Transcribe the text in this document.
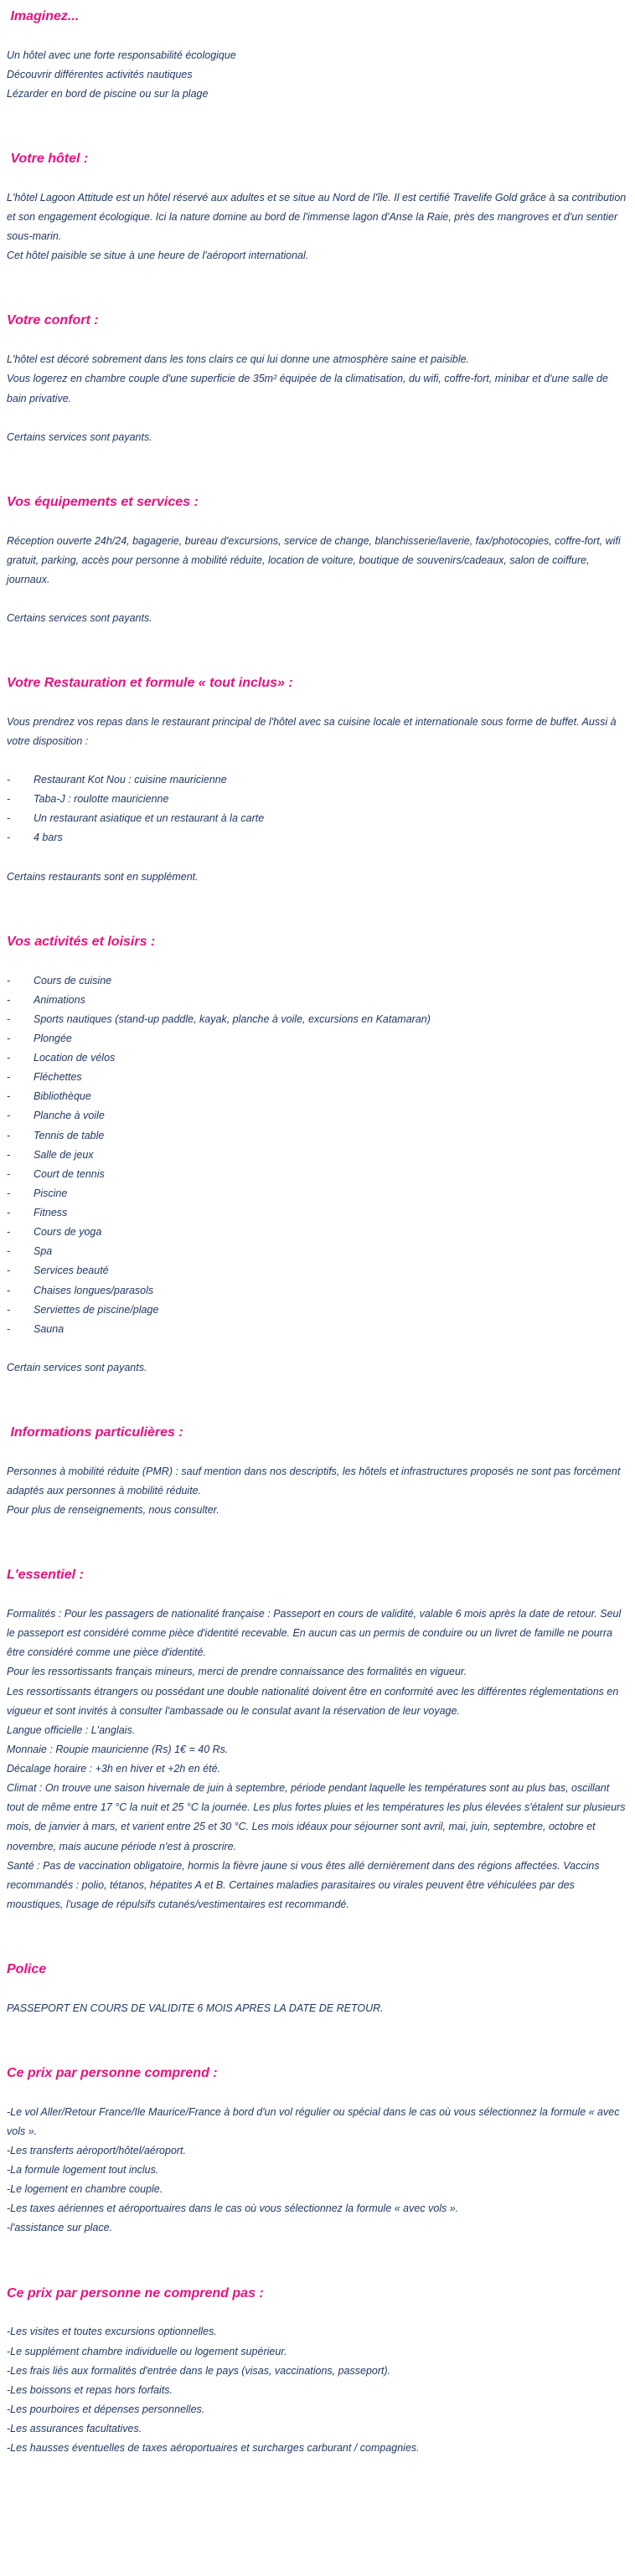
Imaginez...

Un hôtel avec une forte responsabilité écologique

Découvrir différentes activités nautiques

Lézarder en bord de piscine ou sur la plage

Votre hôtel :

L'hôtel Lagoon Attitude est un hôtel réservé aux adultes et se situe au Nord de l'île. Il est certifié Travelife Gold grâce à sa contribution et son engagement écologique. Ici la nature domine au bord de l'immense lagon d'Anse la Raie, près des mangroves et d'un sentier sous-marin.

Cet hôtel paisible se situe à une heure de l'aéroport international.

Votre confort :

L'hôtel est décoré sobrement dans les tons clairs ce qui lui donne une atmosphère saine et paisible.

Vous logerez en chambre couple d'une superficie de 35m² équipée de la climatisation, du wifi, coffre-fort, minibar et d'une salle de bain privative.

Certains services sont payants.

Vos équipements et services :

Réception ouverte 24h/24, bagagerie, bureau d'excursions, service de change, blanchisserie/laverie, fax/photocopies, coffre-fort, wifi gratuit, parking, accès pour personne à mobilité réduite, location de voiture, boutique de souvenirs/cadeaux, salon de coiffure, journaux.

Certains services sont payants.

Votre Restauration et formule « tout inclus» :

Vous prendrez vos repas dans le restaurant principal de l'hôtel avec sa cuisine locale et internationale sous forme de buffet. Aussi à votre disposition :

-	Restaurant Kot Nou : cuisine mauricienne
-	Taba-J : roulotte mauricienne
-	Un restaurant asiatique et un restaurant à la carte
-	4 bars

Certains restaurants sont en supplément.

Vos activités et loisirs :
-	Cours de cuisine
-	Animations
-	Sports nautiques (stand-up paddle, kayak, planche à voile, excursions en Katamaran)
-	Plongée
-	Location de vélos
-	Fléchettes
-	Bibliothèque
-	Planche à voile
-	Tennis de table
-	Salle de jeux
-	Court de tennis
-	Piscine
-	Fitness
-	Cours de yoga
-	Spa
-	Services beauté
-	Chaises longues/parasols
-	Serviettes de piscine/plage
-	Sauna

Certain services sont payants.

Informations particulières :

Personnes à mobilité réduite (PMR) : sauf mention dans nos descriptifs, les hôtels et infrastructures proposés ne sont pas forcément adaptés aux personnes à mobilité réduite.

Pour plus de renseignements, nous consulter.

L'essentiel :

Formalités : Pour les passagers de nationalité française : Passeport en cours de validité, valable 6 mois après la date de retour. Seul le passeport est considéré comme pièce d'identité recevable. En aucun cas un permis de conduire ou un livret de famille ne pourra être considéré comme une pièce d'identité.

Pour les ressortissants français mineurs, merci de prendre connaissance des formalités en vigueur.

Les ressortissants étrangers ou possédant une double nationalité doivent être en conformité avec les différentes réglementations en vigueur et sont invités à consulter l'ambassade ou le consulat avant la réservation de leur voyage.

Langue officielle : L'anglais.

Monnaie : Roupie mauricienne (Rs) 1€ = 40 Rs.

Décalage horaire : +3h en hiver et +2h en été.

Climat : On trouve une saison hivernale de juin à septembre, période pendant laquelle les températures sont au plus bas, oscillant tout de même entre 17 °C la nuit et 25 °C la journée. Les plus fortes pluies et les températures les plus élevées s'étalent sur plusieurs mois, de janvier à mars, et varient entre 25 et 30 °C. Les mois idéaux pour séjourner sont avril, mai, juin, septembre, octobre et novembre, mais aucune période n'est à proscrire.

Santé : Pas de vaccination obligatoire, hormis la fièvre jaune si vous êtes allé dernièrement dans des régions affectées. Vaccins recommandés : polio, tétanos, hépatites A et B. Certaines maladies parasitaires ou virales peuvent être véhiculées par des moustiques, l'usage de répulsifs cutanés/vestimentaires est recommandé.

Police

PASSEPORT EN COURS DE VALIDITE 6 MOIS APRES LA DATE DE RETOUR.

Ce prix par personne comprend :

-Le vol Aller/Retour France/Ile Maurice/France à bord d'un vol régulier ou spécial dans le cas où vous sélectionnez la formule « avec vols ».

-Les transferts aéroport/hôtel/aéroport.

-La formule logement tout inclus.

-Le logement en chambre couple.

-Les taxes aériennes et aéroportuaires dans le cas où vous sélectionnez la formule « avec vols ».

-l'assistance sur place.

Ce prix par personne ne comprend pas :

-Les visites et toutes excursions optionnelles.

-Le supplément chambre individuelle ou logement supérieur.

-Les frais liés aux formalités d'entrée dans le pays (visas, vaccinations, passeport).

-Les boissons et repas hors forfaits.

-Les pourboires et dépenses personnelles.

-Les assurances facultatives.

-Les hausses éventuelles de taxes aéroportuaires et surcharges carburant / compagnies.
